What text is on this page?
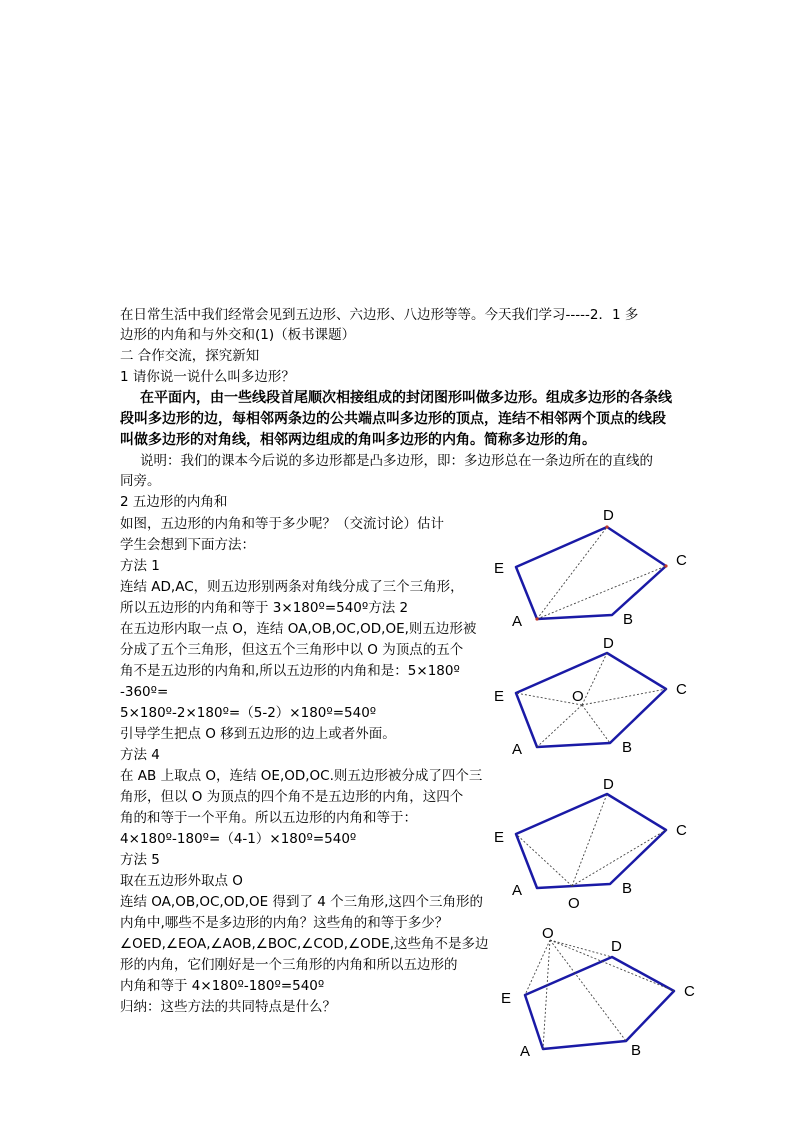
在日常生活中我们经常会见到五边形、六边形、八边形等等。今天我们学习-----2．1 多
边形的内角和与外交和(1)（板书课题）
二 合作交流，探究新知
1 请你说一说什么叫多边形？
在平面内，由一些线段首尾顺次相接组成的封闭图形叫做多边形。组成多边形的各条线
段叫多边形的边，每相邻两条边的公共端点叫多边形的顶点，连结不相邻两个顶点的线段
叫做多边形的对角线，相邻两边组成的角叫多边形的内角。简称多边形的角。
说明：我们的课本今后说的多边形都是凸多边形，即：多边形总在一条边所在的直线的
同旁。
2 五边形的内角和
如图，五边形的内角和等于多少呢？（交流讨论）估计
学生会想到下面方法：
方法 1
连结 AD,AC，则五边形别两条对角线分成了三个三角形，
所以五边形的内角和等于 3×180º=540º方法 2
在五边形内取一点 O，连结 OA,OB,OC,OD,OE,则五边形被
分成了五个三角形，但这五个三角形中以 O 为顶点的五个
角不是五边形的内角和,所以五边形的内角和是：5×180º
-360º=
5×180º-2×180º=（5-2）×180º=540º
引导学生把点 O 移到五边形的边上或者外面。
方法 4
在 AB 上取点 O，连结 OE,OD,OC.则五边形被分成了四个三
角形，但以 O 为顶点的四个角不是五边形的内角，这四个
角的和等于一个平角。所以五边形的内角和等于：
4×180º-180º=（4-1）×180º=540º
方法 5
取在五边形外取点 O
连结 OA,OB,OC,OD,OE 得到了 4 个三角形,这四个三角形的
内角中,哪些不是多边形的内角？这些角的和等于多少？
∠OED,∠EOA,∠AOB,∠BOC,∠COD,∠ODE,这些角不是多边
形的内角，它们刚好是一个三角形的内角和所以五边形的
内角和等于 4×180º-180º=540º
归纳：这些方法的共同特点是什么？
A	B
C
D
E
A	B
C
D
E	O
A	B
C
D
E
O
A	B
C
D
E
O
